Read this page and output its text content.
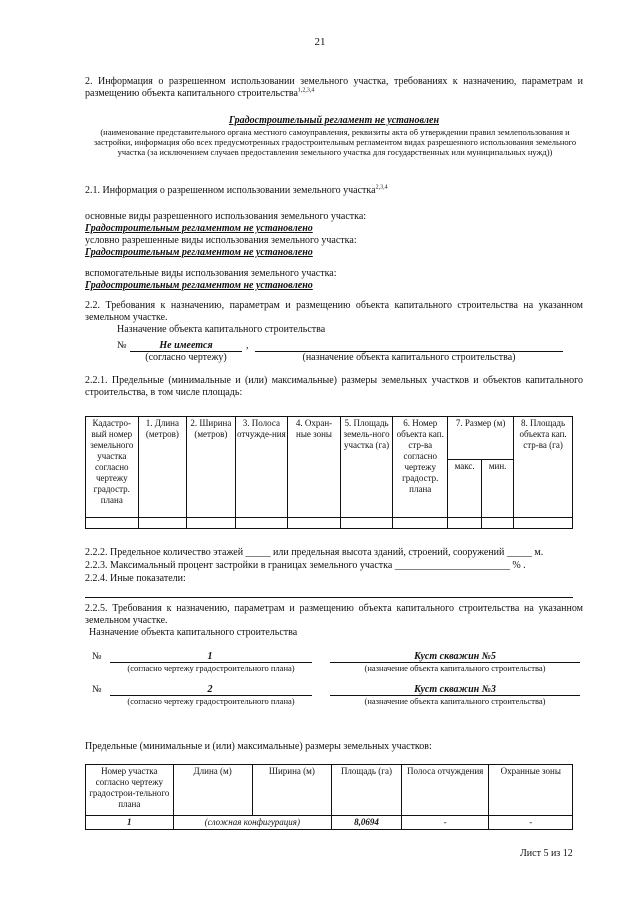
21
2. Информация о разрешенном использовании земельного участка, требованиях к назначению, параметрам и размещению объекта капитального строительства$^{1,2,3,4}$
Градостроительный регламент не установлен
(наименование представительного органа местного самоуправления, реквизиты акта об утверждении правил землепользования и застройки, информация обо всех предусмотренных градостроительным регламентом видах разрешенного использования земельного участка (за исключением случаев предоставления земельного участка для государственных или муниципальных нужд))
2.1. Информация о разрешенном использовании земельного участка$^{2,3,4}$
основные виды разрешенного использования земельного участка:
Градостроительным регламентом не установлено
условно разрешенные виды использования земельного участка:
Градостроительным регламентом не установлено
вспомогательные виды использования земельного участка:
Градостроительным регламентом не установлено
2.2. Требования к назначению, параметрам и размещению объекта капитального строительства на указанном земельном участке.
Назначение объекта капитального строительства
№	Не имеется	,
(согласно чертежу)	(назначение объекта капитального строительства)
2.2.1. Предельные (минимальные и (или) максимальные) размеры земельных участков и объектов капитального строительства, в том числе площадь:
Кадастро-вый номер земельного участка согласно чертежу градостр. плана	1. Длина (метров)	2. Ширина (метров)	3. Полоса отчужде-ния	4. Охран-ные зоны	5. Площадь земель-ного участка (га)	6. Номер объекта кап. стр-ва согласно чертежу градостр. плана	7. Размер (м)		8. Площадь объекта кап. стр-ва (га)
							макс.	мин.	

2.2.2. Предельное количество этажей _____ или предельная высота зданий, строений, сооружений _____ м.
2.2.3. Максимальный процент застройки в границах земельного участка _______________________ % .
2.2.4. Иные показатели:
2.2.5. Требования к назначению, параметрам и размещению объекта капитального строительства на указанном земельном участке.
Назначение объекта капитального строительства
№	1	Куст скважин №5
(согласно чертежу градостроительного плана)	(назначение объекта капитального строительства)
№	2	Куст скважин №3
(согласно чертежу градостроительного плана)	(назначение объекта капитального строительства)
Предельные (минимальные и (или) максимальные) размеры земельных участков:
Номер участка согласно чертежу градострои-тельного плана	Длина (м)	Ширина (м)	Площадь (га)	Полоса отчуждения	Охранные зоны
1	(сложная конфигурация)		8,0694	-	-
Лист 5 из 12
